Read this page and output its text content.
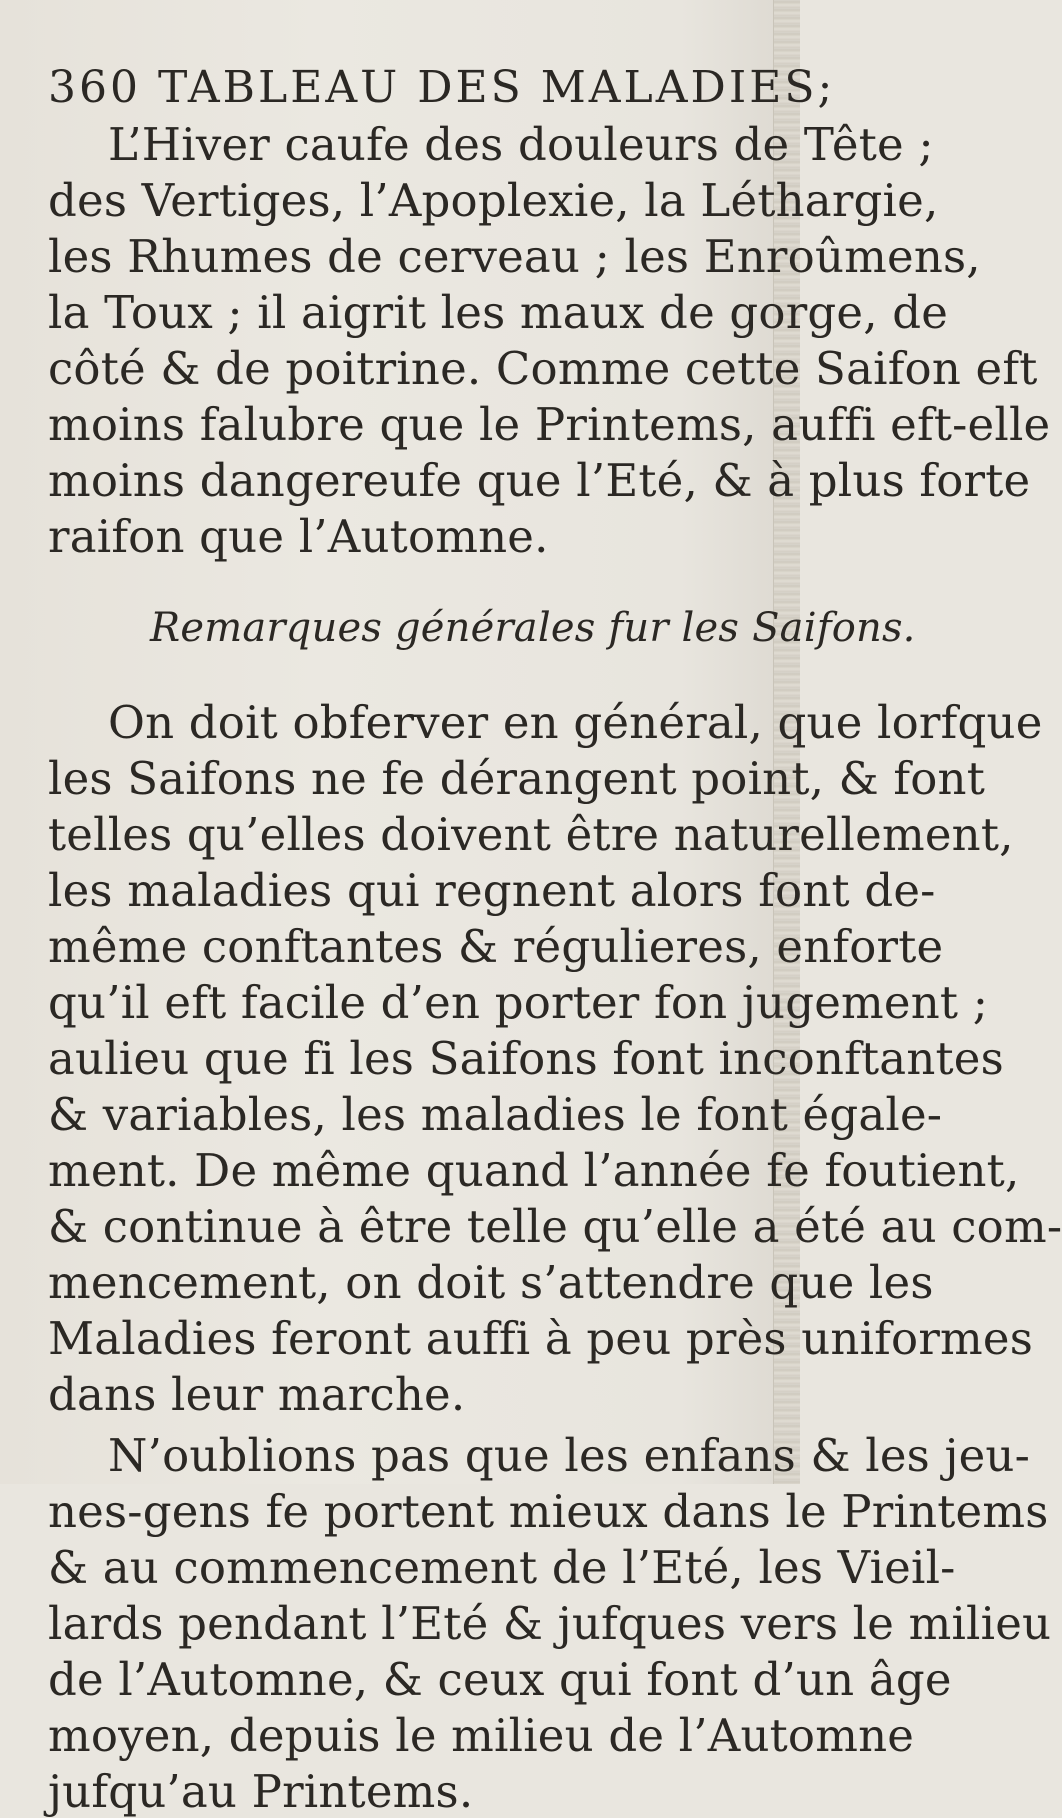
360 TABLEAU DES MALADIES;
L’Hiver caufe des douleurs de Tête ;
des Vertiges, l’Apoplexie, la Léthargie,
les Rhumes de cerveau ; les Enroûmens,
la Toux ; il aigrit les maux de gorge, de
côté & de poitrine. Comme cette Saifon eft
moins falubre que le Printems, auffi eft-elle
moins dangereufe que l’Eté, & à plus forte
raifon que l’Automne.
Remarques générales fur les Saifons.
On doit obferver en général, que lorfque
les Saifons ne fe dérangent point, & font
telles qu’elles doivent être naturellement,
les maladies qui regnent alors font de-
même conftantes & régulieres, enforte
qu’il eft facile d’en porter fon jugement ;
aulieu que fi les Saifons font inconftantes
& variables, les maladies le font égale-
ment. De même quand l’année fe foutient,
& continue à être telle qu’elle a été au com-
mencement, on doit s’attendre que les
Maladies feront auffi à peu près uniformes
dans leur marche.
N’oublions pas que les enfans & les jeu-
nes-gens fe portent mieux dans le Printems
& au commencement de l’Eté, les Vieil-
lards pendant l’Eté & jufques vers le milieu
de l’Automne, & ceux qui font d’un âge
moyen, depuis le milieu de l’Automne
jufqu’au Printems.
